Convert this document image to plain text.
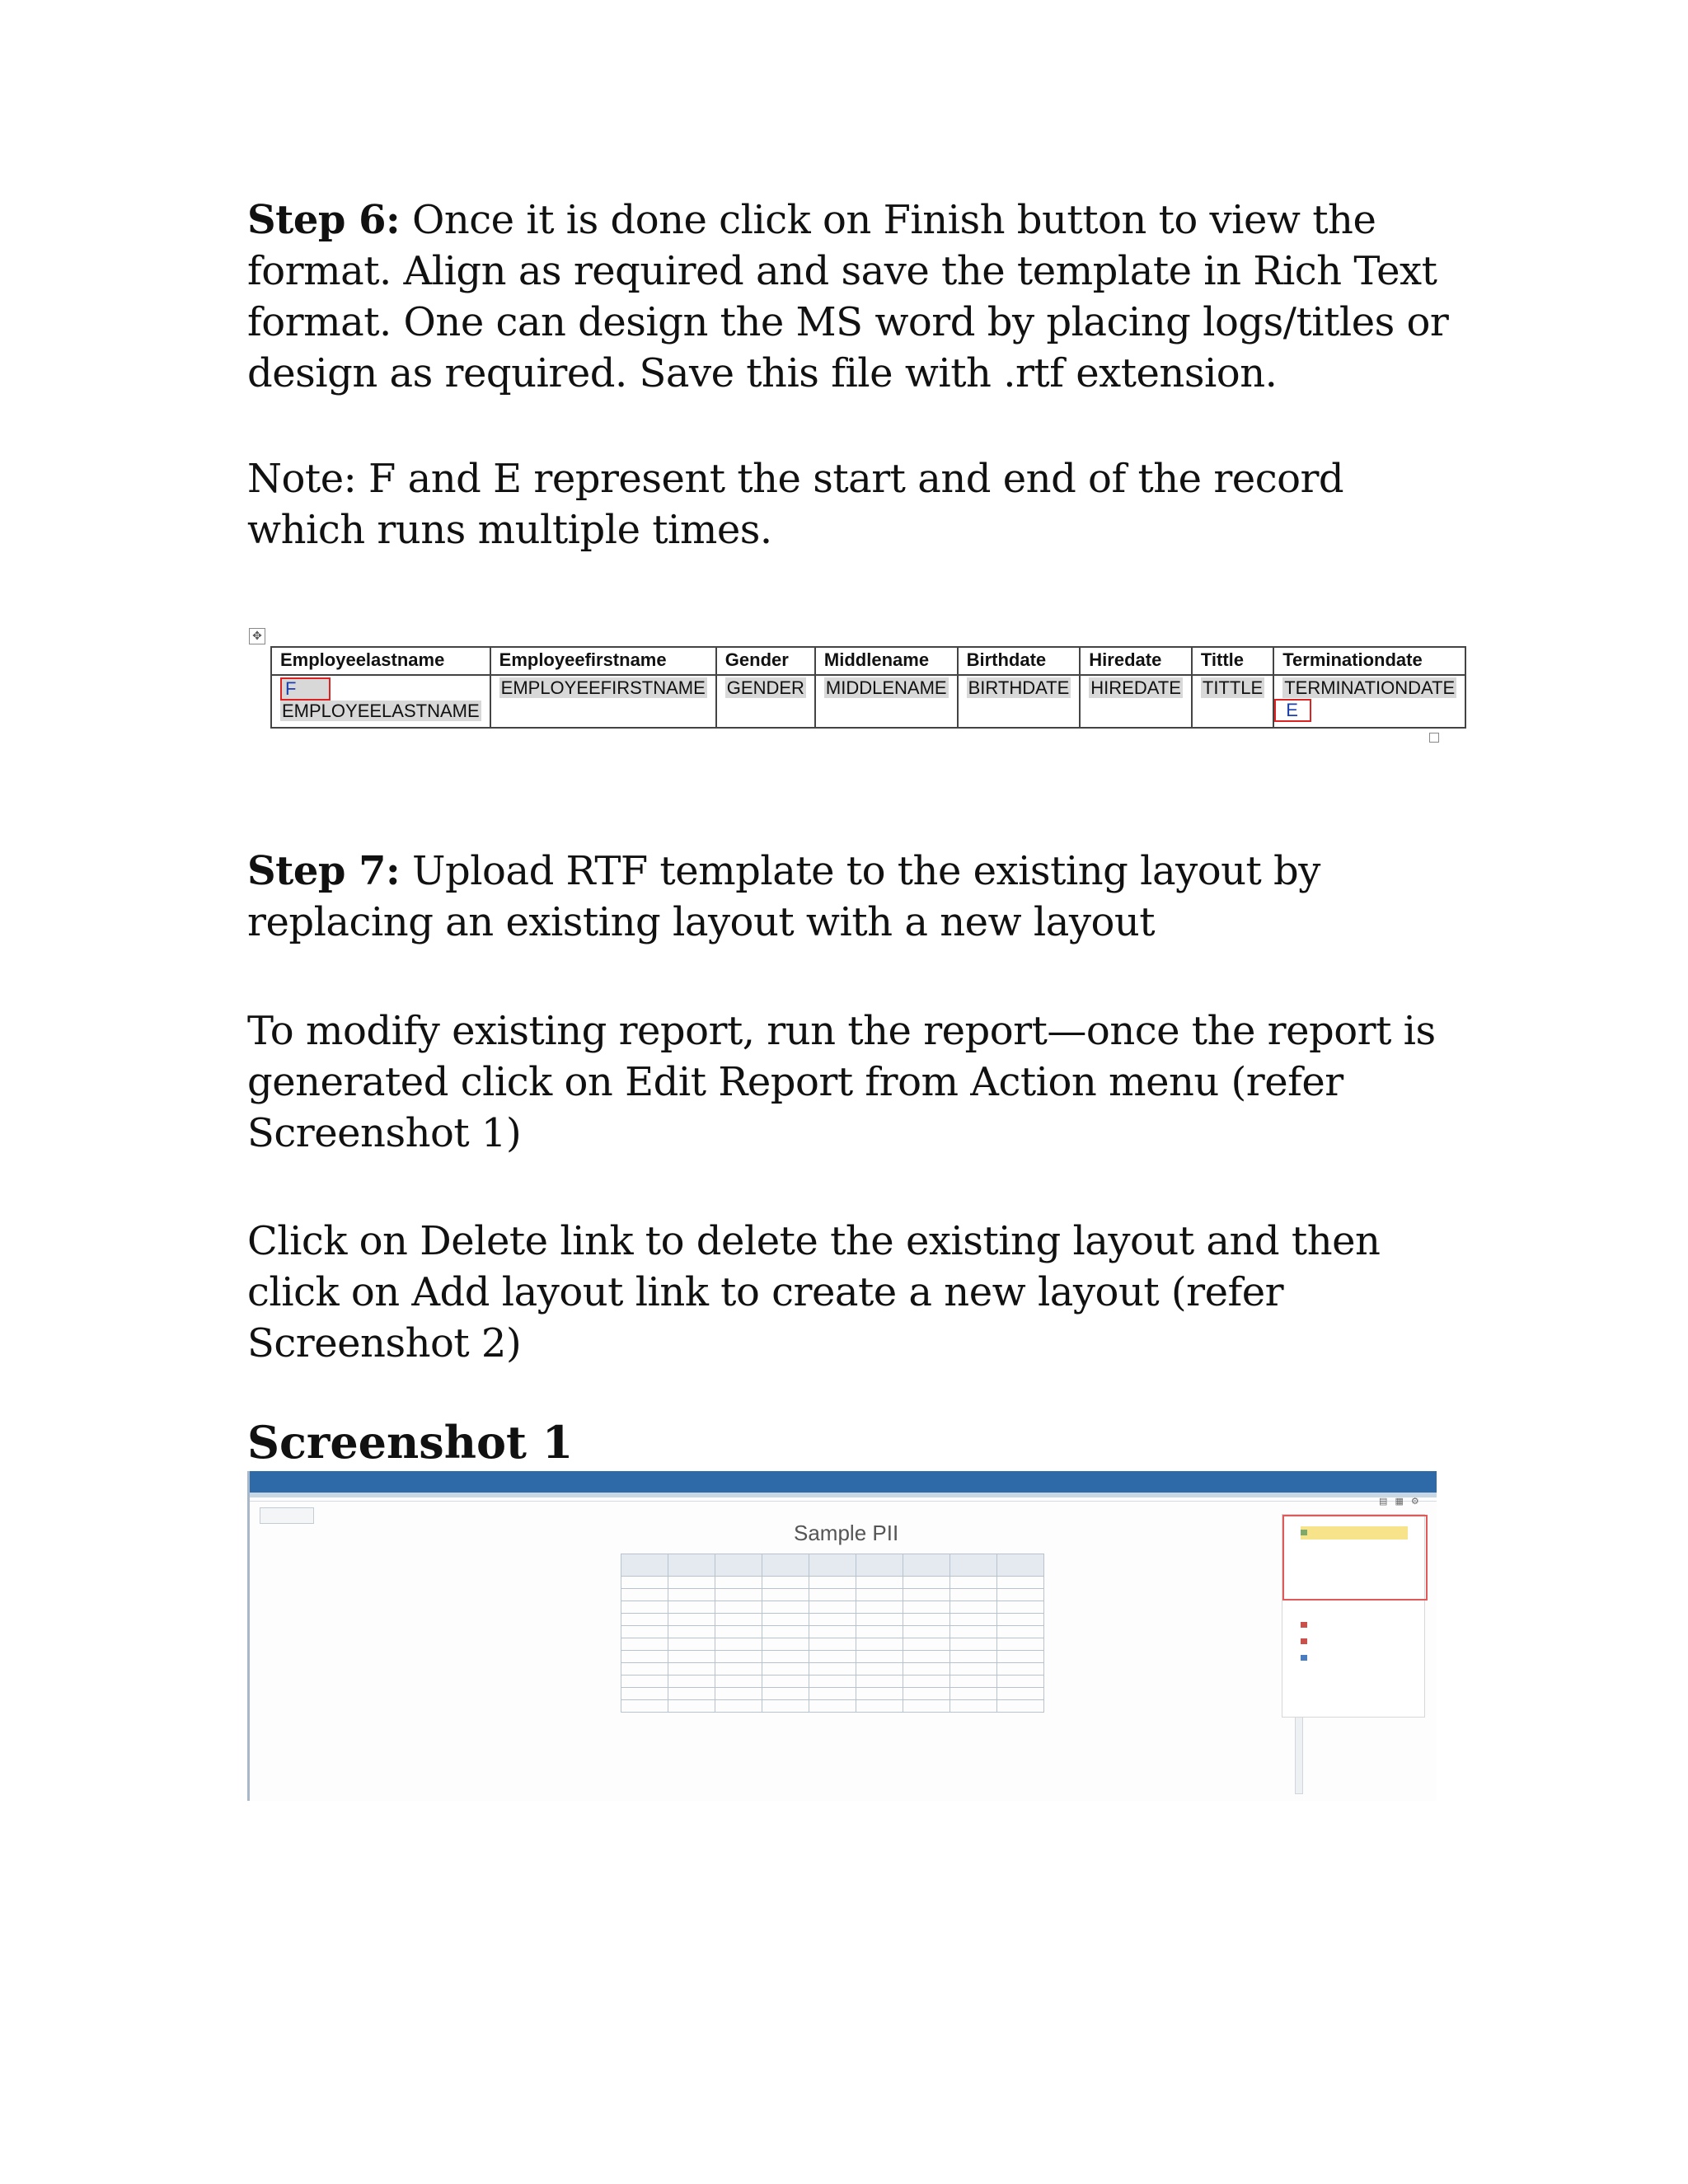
Step 6: Once it is done click on Finish button to view the format. Align as required and save the template in Rich Text format. One can design the MS word by placing logs/titles or design as required. Save this file with .rtf extension.

Note: F and E represent the start and end of the record which runs multiple times.

✥
Employeelastname	Employeefirstname	Gender	Middlename	Birthdate	Hiredate	Tittle	Terminationdate
F
EMPLOYEELASTNAME	EMPLOYEEFIRSTNAME	GENDER	MIDDLENAME	BIRTHDATE	HIREDATE	TITTLE	TERMINATIONDATE
E

Step 7: Upload RTF template to the existing layout by replacing an existing layout with a new layout

To modify existing report, run the report—once the report is generated click on Edit Report from Action menu (refer Screenshot 1)

Click on Delete link to delete the existing layout and then click on Add layout link to create a new layout (refer Screenshot 2)

Screenshot 1
▤ ▦ ⚙
Sample PII
